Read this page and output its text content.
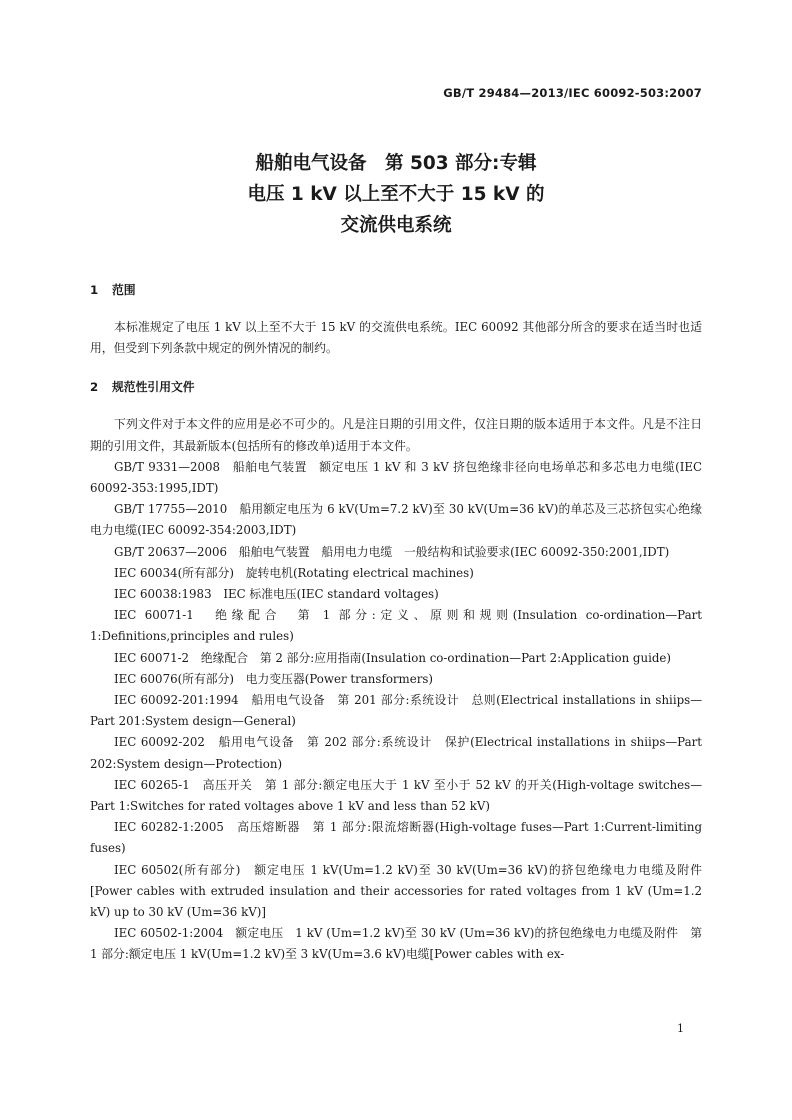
GB/T 29484—2013/IEC 60092-503:2007
船舶电气设备　第 503 部分:专辑
电压 1 kV 以上至不大于 15 kV 的
交流供电系统
1 范围

本标准规定了电压 1 kV 以上至不大于 15 kV 的交流供电系统。IEC 60092 其他部分所含的要求在适当时也适用，但受到下列条款中规定的例外情况的制约。

2 规范性引用文件

下列文件对于本文件的应用是必不可少的。凡是注日期的引用文件，仅注日期的版本适用于本文件。凡是不注日期的引用文件，其最新版本(包括所有的修改单)适用于本文件。

GB/T 9331—2008　船舶电气装置　额定电压 1 kV 和 3 kV 挤包绝缘非径向电场单芯和多芯电力电缆(IEC 60092-353:1995,IDT)

GB/T 17755—2010　船用额定电压为 6 kV(Um=7.2 kV)至 30 kV(Um=36 kV)的单芯及三芯挤包实心绝缘电力电缆(IEC 60092-354:2003,IDT)

GB/T 20637—2006　船舶电气装置　船用电力电缆　一般结构和试验要求(IEC 60092-350:2001,IDT)

IEC 60034(所有部分)　旋转电机(Rotating electrical machines)

IEC 60038:1983　IEC 标准电压(IEC standard voltages)

IEC 60071-1　绝缘配合　第 1 部分:定义、原则和规则(Insulation co-ordination—Part 1:Definitions,principles and rules)

IEC 60071-2　绝缘配合　第 2 部分:应用指南(Insulation co-ordination—Part 2:Application guide)

IEC 60076(所有部分)　电力变压器(Power transformers)

IEC 60092-201:1994　船用电气设备　第 201 部分:系统设计　总则(Electrical installations in shiips—Part 201:System design—General)

IEC 60092-202　船用电气设备　第 202 部分:系统设计　保护(Electrical installations in shiips—Part 202:System design—Protection)

IEC 60265-1　高压开关　第 1 部分:额定电压大于 1 kV 至小于 52 kV 的开关(High-voltage switches—Part 1:Switches for rated voltages above 1 kV and less than 52 kV)

IEC 60282-1:2005　高压熔断器　第 1 部分:限流熔断器(High-voltage fuses—Part 1:Current-limiting fuses)

IEC 60502(所有部分)　额定电压 1 kV(Um=1.2 kV)至 30 kV(Um=36 kV)的挤包绝缘电力电缆及附件[Power cables with extruded insulation and their accessories for rated voltages from 1 kV (Um=1.2 kV) up to 30 kV (Um=36 kV)]

IEC 60502-1:2004　额定电压　1 kV (Um=1.2 kV)至 30 kV (Um=36 kV)的挤包绝缘电力电缆及附件　第 1 部分:额定电压 1 kV(Um=1.2 kV)至 3 kV(Um=3.6 kV)电缆[Power cables with ex-

1
